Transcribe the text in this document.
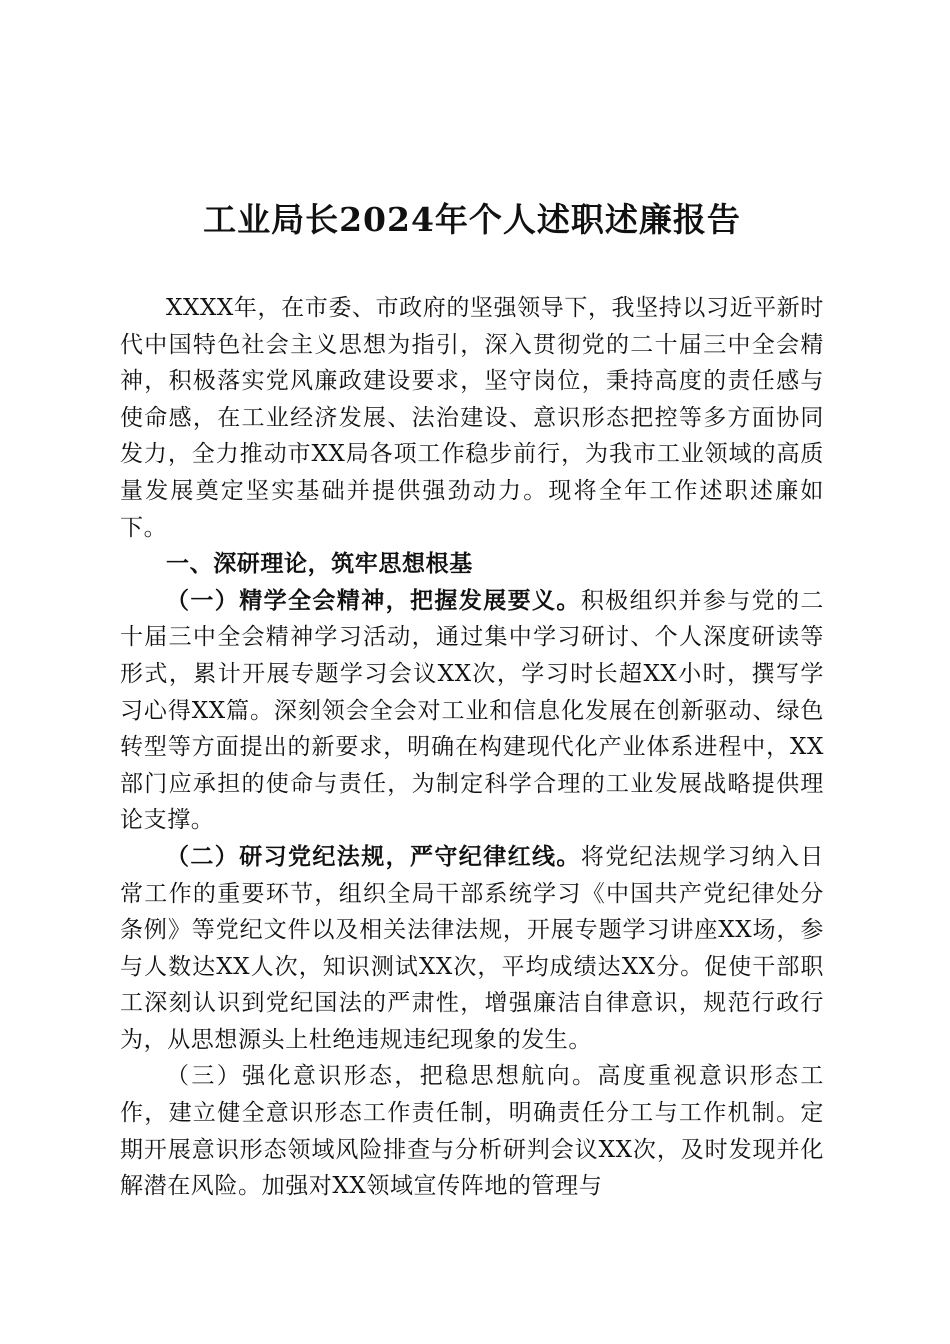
工业局长2024年个人述职述廉报告

XXXX年，在市委、市政府的坚强领导下，我坚持以习近平新时代中国特色社会主义思想为指引，深入贯彻党的二十届三中全会精神，积极落实党风廉政建设要求，坚守岗位，秉持高度的责任感与使命感，在工业经济发展、法治建设、意识形态把控等多方面协同发力，全力推动市XX局各项工作稳步前行，为我市工业领域的高质量发展奠定坚实基础并提供强劲动力。现将全年工作述职述廉如下。

一、深研理论，筑牢思想根基

（一）精学全会精神，把握发展要义。积极组织并参与党的二十届三中全会精神学习活动，通过集中学习研讨、个人深度研读等形式，累计开展专题学习会议XX次，学习时长超XX小时，撰写学习心得XX篇。深刻领会全会对工业和信息化发展在创新驱动、绿色转型等方面提出的新要求，明确在构建现代化产业体系进程中，XX部门应承担的使命与责任，为制定科学合理的工业发展战略提供理论支撑。

（二）研习党纪法规，严守纪律红线。将党纪法规学习纳入日常工作的重要环节，组织全局干部系统学习《中国共产党纪律处分条例》等党纪文件以及相关法律法规，开展专题学习讲座XX场，参与人数达XX人次，知识测试XX次，平均成绩达XX分。促使干部职工深刻认识到党纪国法的严肃性，增强廉洁自律意识，规范行政行为，从思想源头上杜绝违规违纪现象的发生。

（三）强化意识形态，把稳思想航向。高度重视意识形态工作，建立健全意识形态工作责任制，明确责任分工与工作机制。定期开展意识形态领域风险排查与分析研判会议XX次，及时发现并化解潜在风险。加强对XX领域宣传阵地的管理与
